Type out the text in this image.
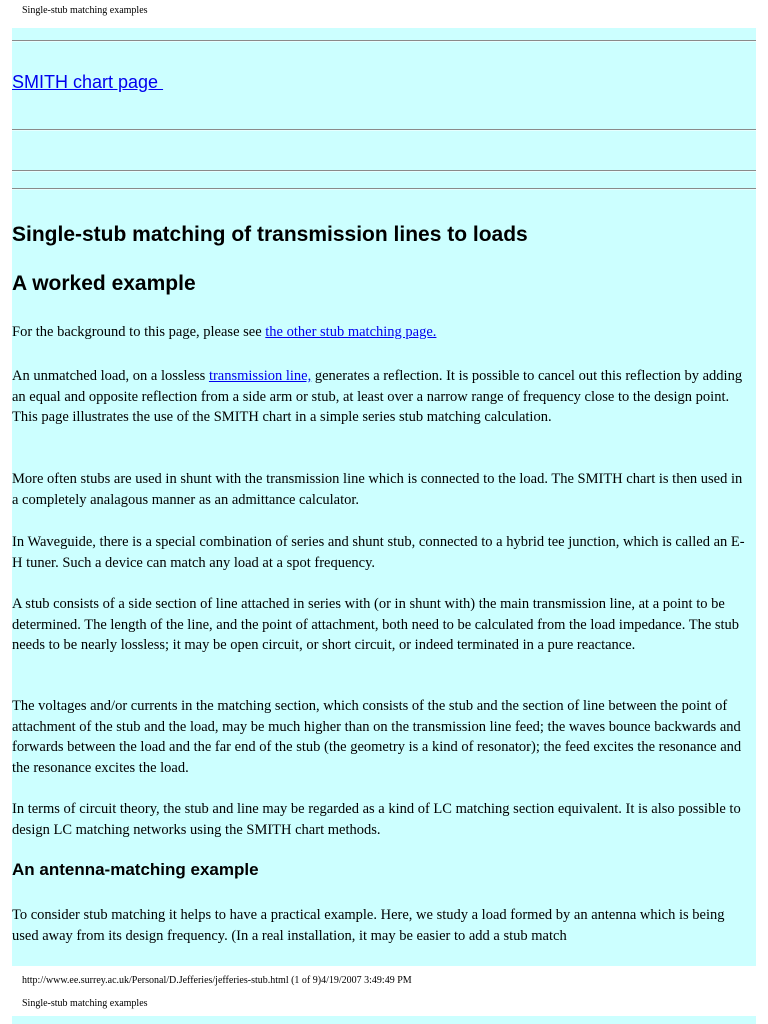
Single-stub matching examples
SMITH chart page
Single-stub matching of transmission lines to loads
A worked example

For the background to this page, please see the other stub matching page.

An unmatched load, on a lossless transmission line, generates a reflection. It is possible to cancel out this reflection by adding an equal and opposite reflection from a side arm or stub, at least over a narrow range of frequency close to the design point. This page illustrates the use of the SMITH chart in a simple series stub matching calculation.

More often stubs are used in shunt with the transmission line which is connected to the load. The SMITH chart is then used in a completely analagous manner as an admittance calculator.

In Waveguide, there is a special combination of series and shunt stub, connected to a hybrid tee junction, which is called an E-H tuner. Such a device can match any load at a spot frequency.

A stub consists of a side section of line attached in series with (or in shunt with) the main transmission line, at a point to be determined. The length of the line, and the point of attachment, both need to be calculated from the load impedance. The stub needs to be nearly lossless; it may be open circuit, or short circuit, or indeed terminated in a pure reactance.

The voltages and/or currents in the matching section, which consists of the stub and the section of line between the point of attachment of the stub and the load, may be much higher than on the transmission line feed; the waves bounce backwards and forwards between the load and the far end of the stub (the geometry is a kind of resonator); the feed excites the resonance and the resonance excites the load.

In terms of circuit theory, the stub and line may be regarded as a kind of LC matching section equivalent. It is also possible to design LC matching networks using the SMITH chart methods.

An antenna-matching example

To consider stub matching it helps to have a practical example. Here, we study a load formed by an antenna which is being used away from its design frequency. (In a real installation, it may be easier to add a stub match

http://www.ee.surrey.ac.uk/Personal/D.Jefferies/jefferies-stub.html (1 of 9)4/19/2007 3:49:49 PM
Single-stub matching examples
